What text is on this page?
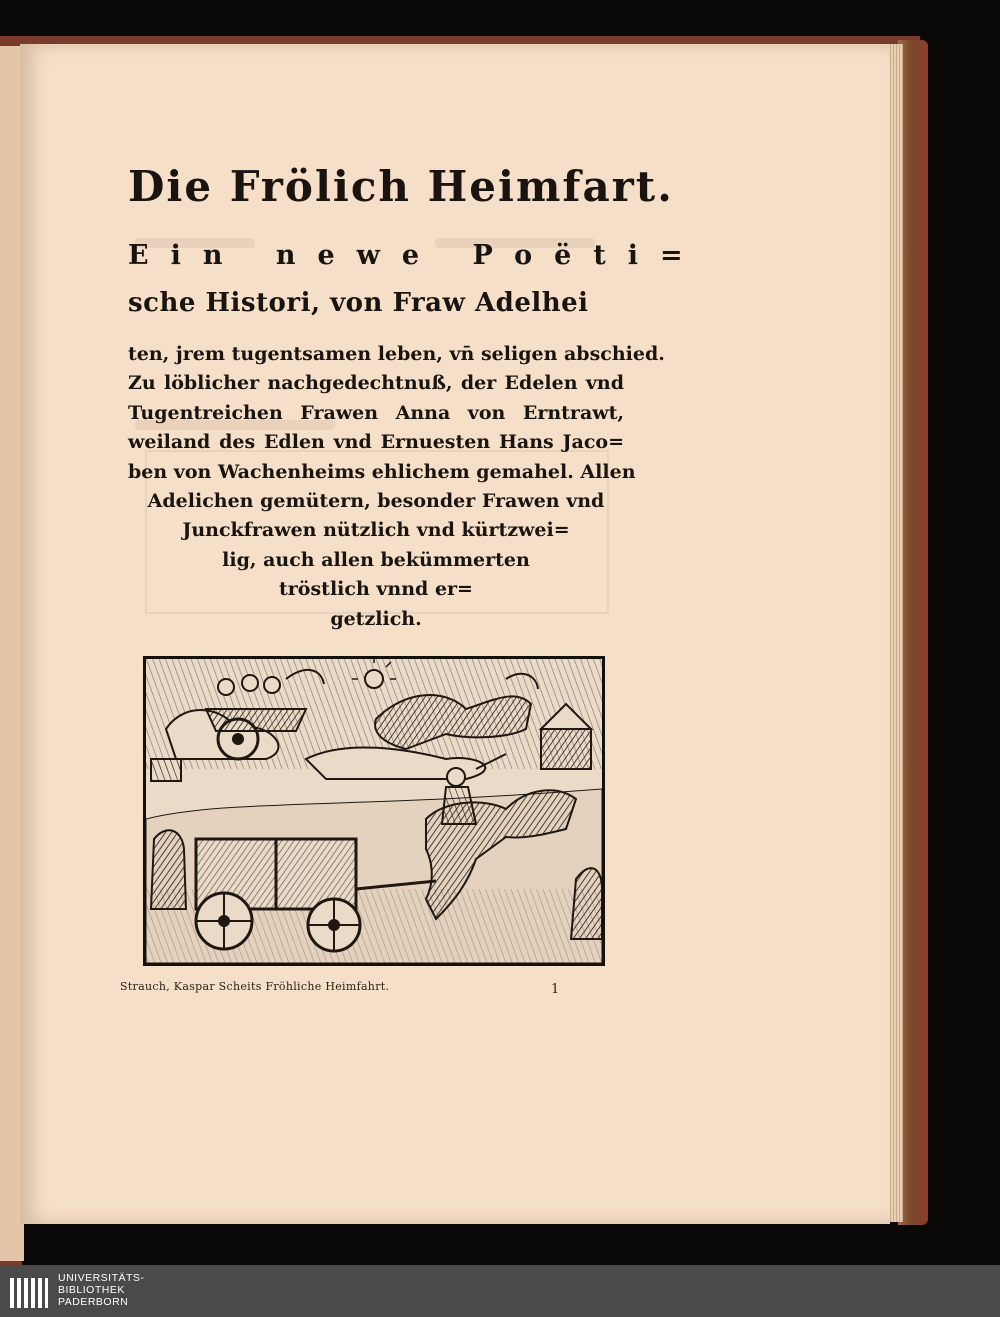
Die Frölich Heimfart.
Ein newe Poëti=
sche Histori, von Fraw Adelhei
ten, jrem tugentsamen leben, vn̄ seligen abschied.
Zu löblicher nachgedechtnuß, der Edelen vnd
Tugentreichen Frawen Anna von Erntrawt,
weiland des Edlen vnd Ernuesten Hans Jaco=
ben von Wachenheims ehlichem gemahel. Allen
Adelichen gemütern, besonder Frawen vnd
Junckfrawen nützlich vnd kürtzwei=
lig, auch allen bekümmerten
tröstlich vnnd er=
getzlich.
Strauch, Kaspar Scheits Fröhliche Heimfahrt.	1
UNIVERSITÄTS-
BIBLIOTHEK
PADERBORN
